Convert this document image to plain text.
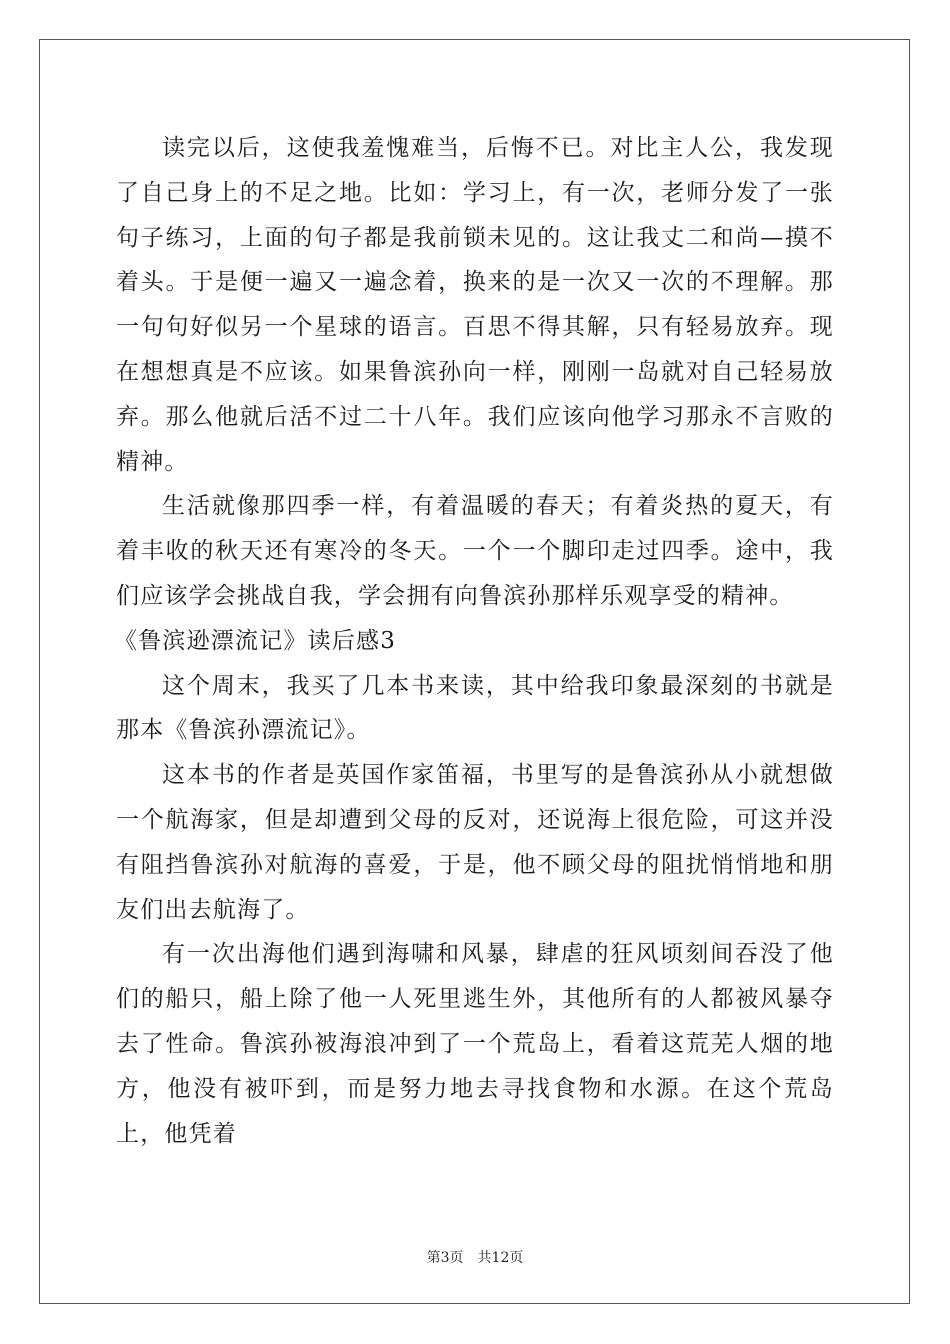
读完以后，这使我羞愧难当，后悔不已。对比主人公，我发现了自己身上的不足之地。比如：学习上，有一次，老师分发了一张句子练习，上面的句子都是我前锁未见的。这让我丈二和尚—摸不着头。于是便一遍又一遍念着，换来的是一次又一次的不理解。那一句句好似另一个星球的语言。百思不得其解，只有轻易放弃。现在想想真是不应该。如果鲁滨孙向一样，刚刚一岛就对自己轻易放弃。那么他就后活不过二十八年。我们应该向他学习那永不言败的精神。

生活就像那四季一样，有着温暖的春天；有着炎热的夏天，有着丰收的秋天还有寒冷的冬天。一个一个脚印走过四季。途中，我们应该学会挑战自我，学会拥有向鲁滨孙那样乐观享受的精神。

《鲁滨逊漂流记》读后感3

这个周末，我买了几本书来读，其中给我印象最深刻的书就是那本《鲁滨孙漂流记》。

这本书的作者是英国作家笛福，书里写的是鲁滨孙从小就想做一个航海家，但是却遭到父母的反对，还说海上很危险，可这并没有阻挡鲁滨孙对航海的喜爱，于是，他不顾父母的阻扰悄悄地和朋友们出去航海了。

有一次出海他们遇到海啸和风暴，肆虐的狂风顷刻间吞没了他们的船只，船上除了他一人死里逃生外，其他所有的人都被风暴夺去了性命。鲁滨孙被海浪冲到了一个荒岛上，看着这荒芜人烟的地方，他没有被吓到，而是努力地去寻找食物和水源。在这个荒岛上，他凭着

第3页 共12页
